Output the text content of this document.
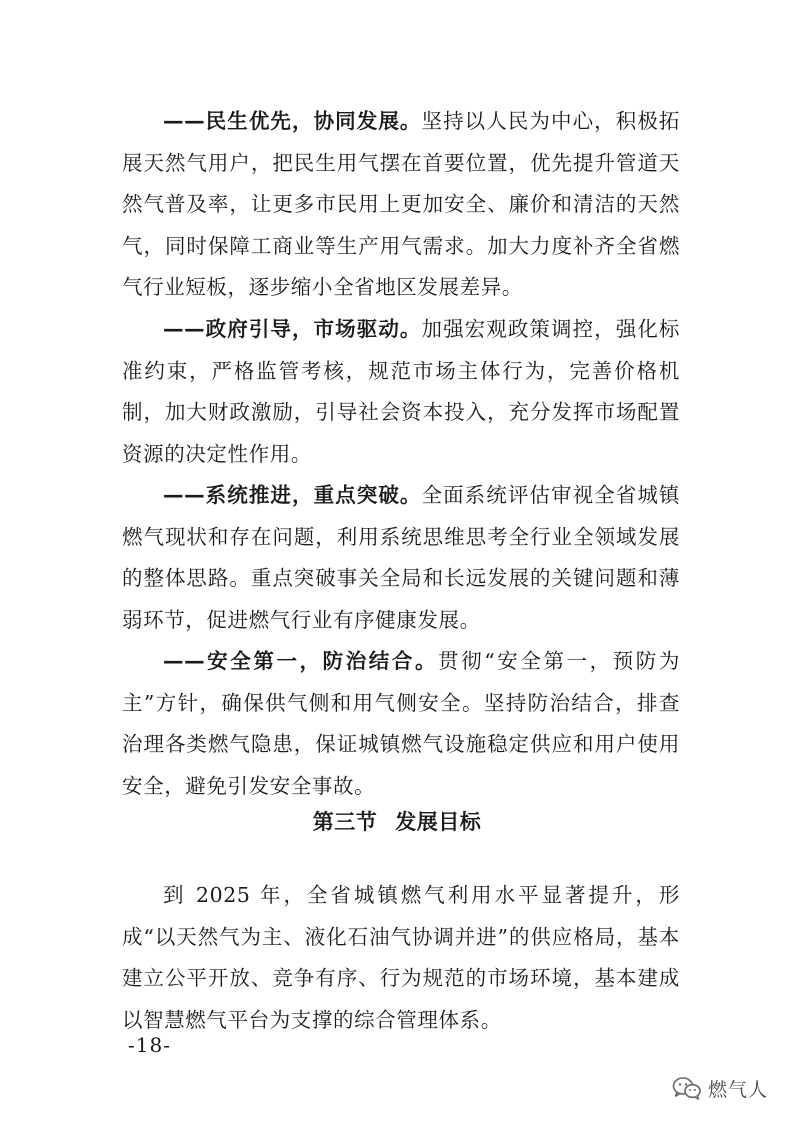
——民生优先，协同发展。坚持以人民为中心，积极拓展天然气用户，把民生用气摆在首要位置，优先提升管道天然气普及率，让更多市民用上更加安全、廉价和清洁的天然气，同时保障工商业等生产用气需求。加大力度补齐全省燃气行业短板，逐步缩小全省地区发展差异。

——政府引导，市场驱动。加强宏观政策调控，强化标准约束，严格监管考核，规范市场主体行为，完善价格机制，加大财政激励，引导社会资本投入，充分发挥市场配置资源的决定性作用。

——系统推进，重点突破。全面系统评估审视全省城镇燃气现状和存在问题，利用系统思维思考全行业全领域发展的整体思路。重点突破事关全局和长远发展的关键问题和薄弱环节，促进燃气行业有序健康发展。

——安全第一，防治结合。贯彻“安全第一，预防为主”方针，确保供气侧和用气侧安全。坚持防治结合，排查治理各类燃气隐患，保证城镇燃气设施稳定供应和用户使用安全，避免引发安全事故。

第三节 发展目标

到 2025 年，全省城镇燃气利用水平显著提升，形成“以天然气为主、液化石油气协调并进”的供应格局，基本建立公平开放、竞争有序、行为规范的市场环境，基本建成以智慧燃气平台为支撑的综合管理体系。

-18-
燃气人
